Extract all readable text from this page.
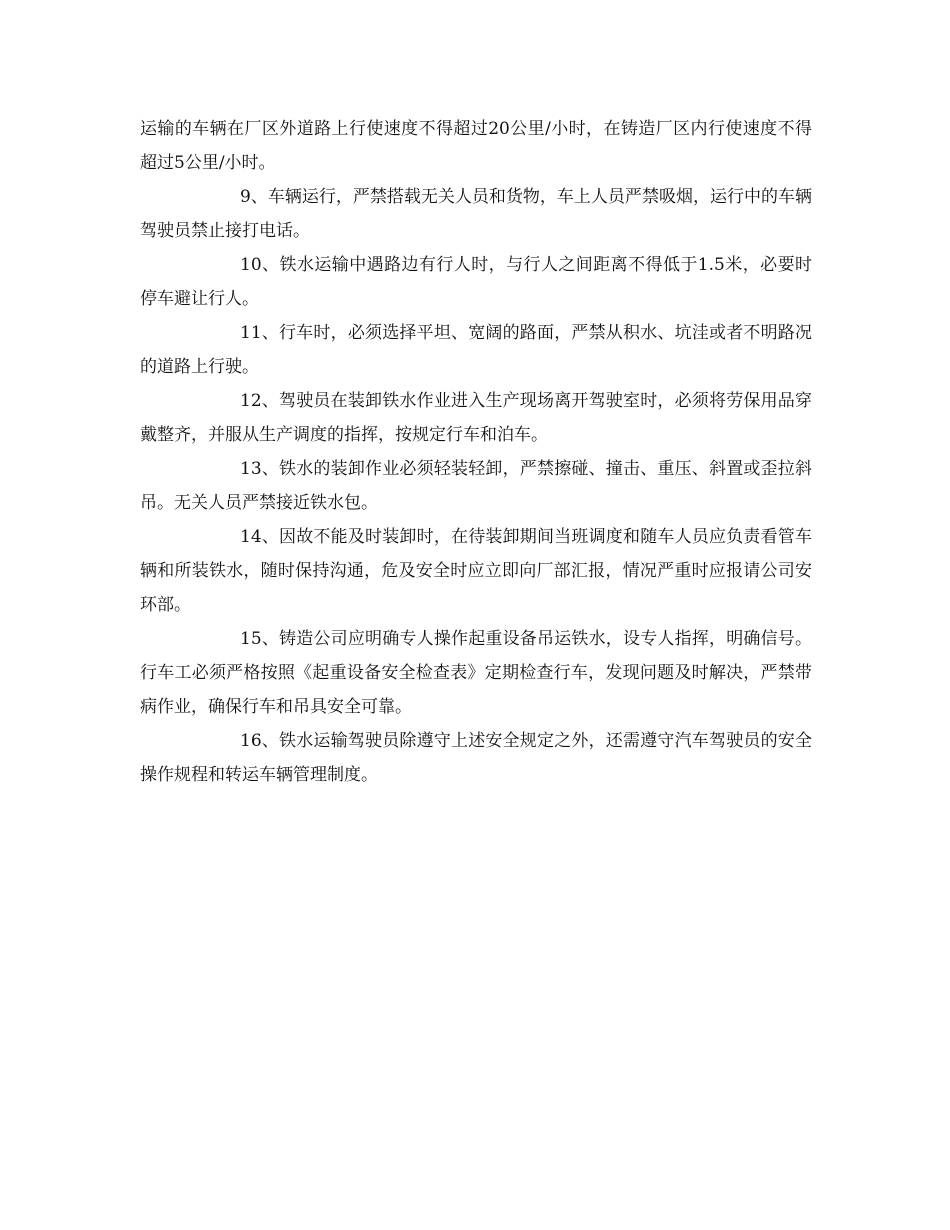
运输的车辆在厂区外道路上行使速度不得超过20公里/小时，在铸造厂区内行使速度不得超过5公里/小时。

9、车辆运行，严禁搭载无关人员和货物，车上人员严禁吸烟，运行中的车辆驾驶员禁止接打电话。

10、铁水运输中遇路边有行人时，与行人之间距离不得低于1.5米，必要时停车避让行人。

11、行车时，必须选择平坦、宽阔的路面，严禁从积水、坑洼或者不明路况的道路上行驶。

12、驾驶员在装卸铁水作业进入生产现场离开驾驶室时，必须将劳保用品穿戴整齐，并服从生产调度的指挥，按规定行车和泊车。

13、铁水的装卸作业必须轻装轻卸，严禁擦碰、撞击、重压、斜置或歪拉斜吊。无关人员严禁接近铁水包。

14、因故不能及时装卸时，在待装卸期间当班调度和随车人员应负责看管车辆和所装铁水，随时保持沟通，危及安全时应立即向厂部汇报，情况严重时应报请公司安环部。

15、铸造公司应明确专人操作起重设备吊运铁水，设专人指挥，明确信号。行车工必须严格按照《起重设备安全检查表》定期检查行车，发现问题及时解决，严禁带病作业，确保行车和吊具安全可靠。

16、铁水运输驾驶员除遵守上述安全规定之外，还需遵守汽车驾驶员的安全操作规程和转运车辆管理制度。
